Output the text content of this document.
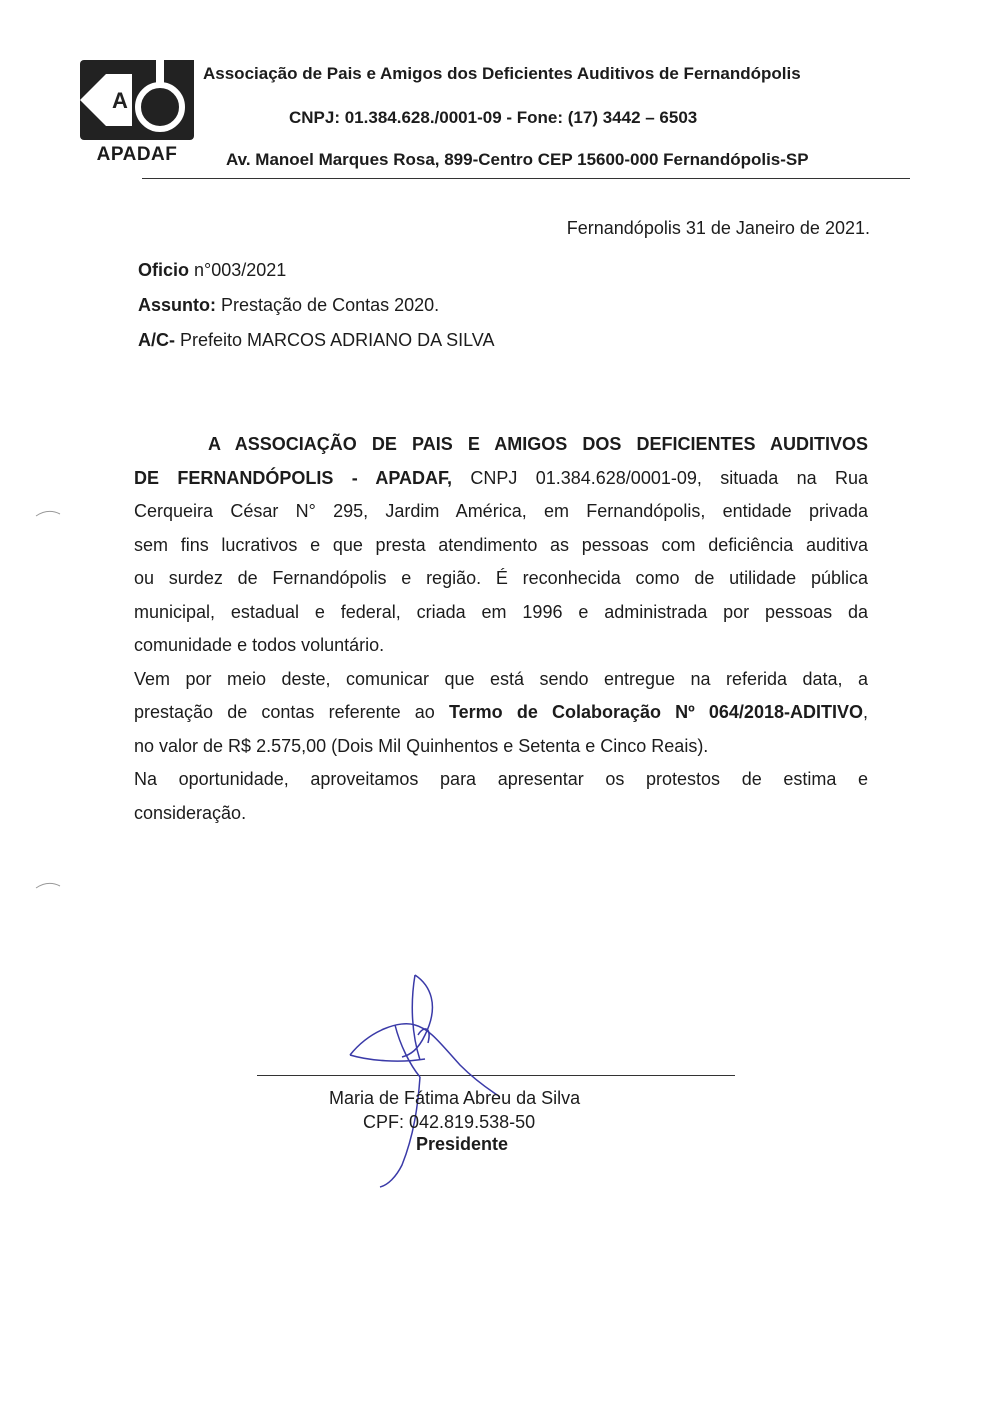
A
APADAF
Associação de Pais e Amigos dos Deficientes Auditivos de Fernandópolis
CNPJ: 01.384.628./0001-09 - Fone: (17) 3442 – 6503
Av. Manoel Marques Rosa, 899-Centro CEP 15600-000 Fernandópolis-SP
Fernandópolis 31 de Janeiro de 2021.
Oficio n°003/2021
Assunto: Prestação de Contas 2020.
A/C- Prefeito MARCOS ADRIANO DA SILVA
A ASSOCIAÇÃO DE PAIS E AMIGOS DOS DEFICIENTES AUDITIVOS
DE FERNANDÓPOLIS - APADAF, CNPJ 01.384.628/0001-09, situada na Rua
Cerqueira César N° 295, Jardim América, em Fernandópolis, entidade privada
sem fins lucrativos e que presta atendimento as pessoas com deficiência auditiva
ou surdez de Fernandópolis e região. É reconhecida como de utilidade pública
municipal, estadual e federal, criada em 1996 e administrada por pessoas da
comunidade e todos voluntário.
Vem por meio deste, comunicar que está sendo entregue na referida data, a
prestação de contas referente ao Termo de Colaboração Nº 064/2018-ADITIVO,
no valor de R$ 2.575,00 (Dois Mil Quinhentos e Setenta e Cinco Reais).
Na oportunidade, aproveitamos para apresentar os protestos de estima e
consideração.
Maria de Fátima Abreu da Silva
CPF: 042.819.538-50
Presidente
